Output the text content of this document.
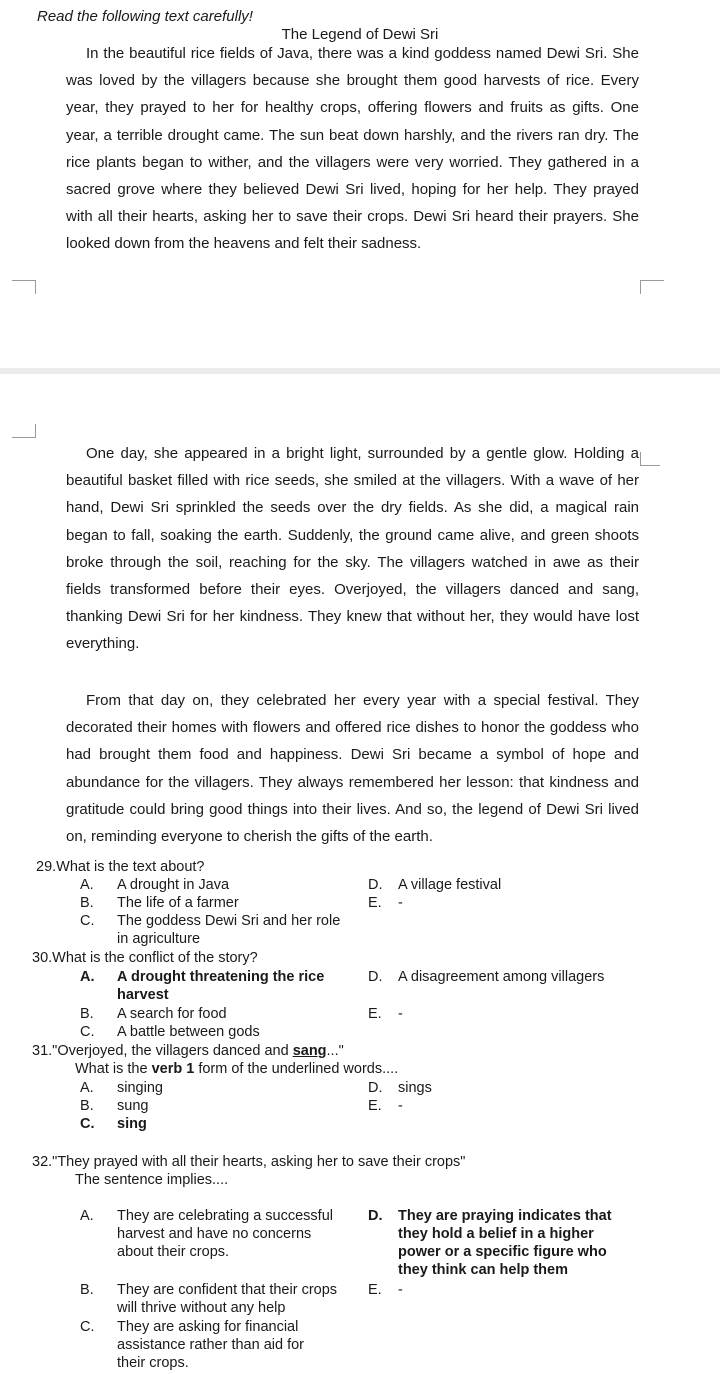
Read the following text carefully!
The Legend of Dewi Sri

In the beautiful rice fields of Java, there was a kind goddess named Dewi Sri. She was loved by the villagers because she brought them good harvests of rice. Every year, they prayed to her for healthy crops, offering flowers and fruits as gifts. One year, a terrible drought came. The sun beat down harshly, and the rivers ran dry. The rice plants began to wither, and the villagers were very worried. They gathered in a sacred grove where they believed Dewi Sri lived, hoping for her help. They prayed with all their hearts, asking her to save their crops. Dewi Sri heard their prayers. She looked down from the heavens and felt their sadness.

One day, she appeared in a bright light, surrounded by a gentle glow. Holding a beautiful basket filled with rice seeds, she smiled at the villagers. With a wave of her hand, Dewi Sri sprinkled the seeds over the dry fields. As she did, a magical rain began to fall, soaking the earth. Suddenly, the ground came alive, and green shoots broke through the soil, reaching for the sky. The villagers watched in awe as their fields transformed before their eyes. Overjoyed, the villagers danced and sang, thanking Dewi Sri for her kindness. They knew that without her, they would have lost everything.

From that day on, they celebrated her every year with a special festival. They decorated their homes with flowers and offered rice dishes to honor the goddess who had brought them food and happiness. Dewi Sri became a symbol of hope and abundance for the villagers. They always remembered her lesson: that kindness and gratitude could bring good things into their lives. And so, the legend of Dewi Sri lived on, reminding everyone to cherish the gifts of the earth.

29.What is the text about?
A. A drought in Java
B. The life of a farmer
C. The goddess Dewi Sri and her role in agriculture
D. A village festival
E. -
30.What is the conflict of the story?
A. A drought threatening the rice harvest
B. A search for food
C. A battle between gods
D. A disagreement among villagers
E. -
31."Overjoyed, the villagers danced and sang..."
What is the verb 1 form of the underlined words....
A. singing
B. sung
C. sing
D. sings
E. -
32."They prayed with all their hearts, asking her to save their crops"
The sentence implies....
A. They are celebrating a successful harvest and have no concerns about their crops.
B. They are confident that their crops will thrive without any help
C. They are asking for financial assistance rather than aid for their crops.
D. They are praying indicates that they hold a belief in a higher power or a specific figure who they think can help them
E. -
